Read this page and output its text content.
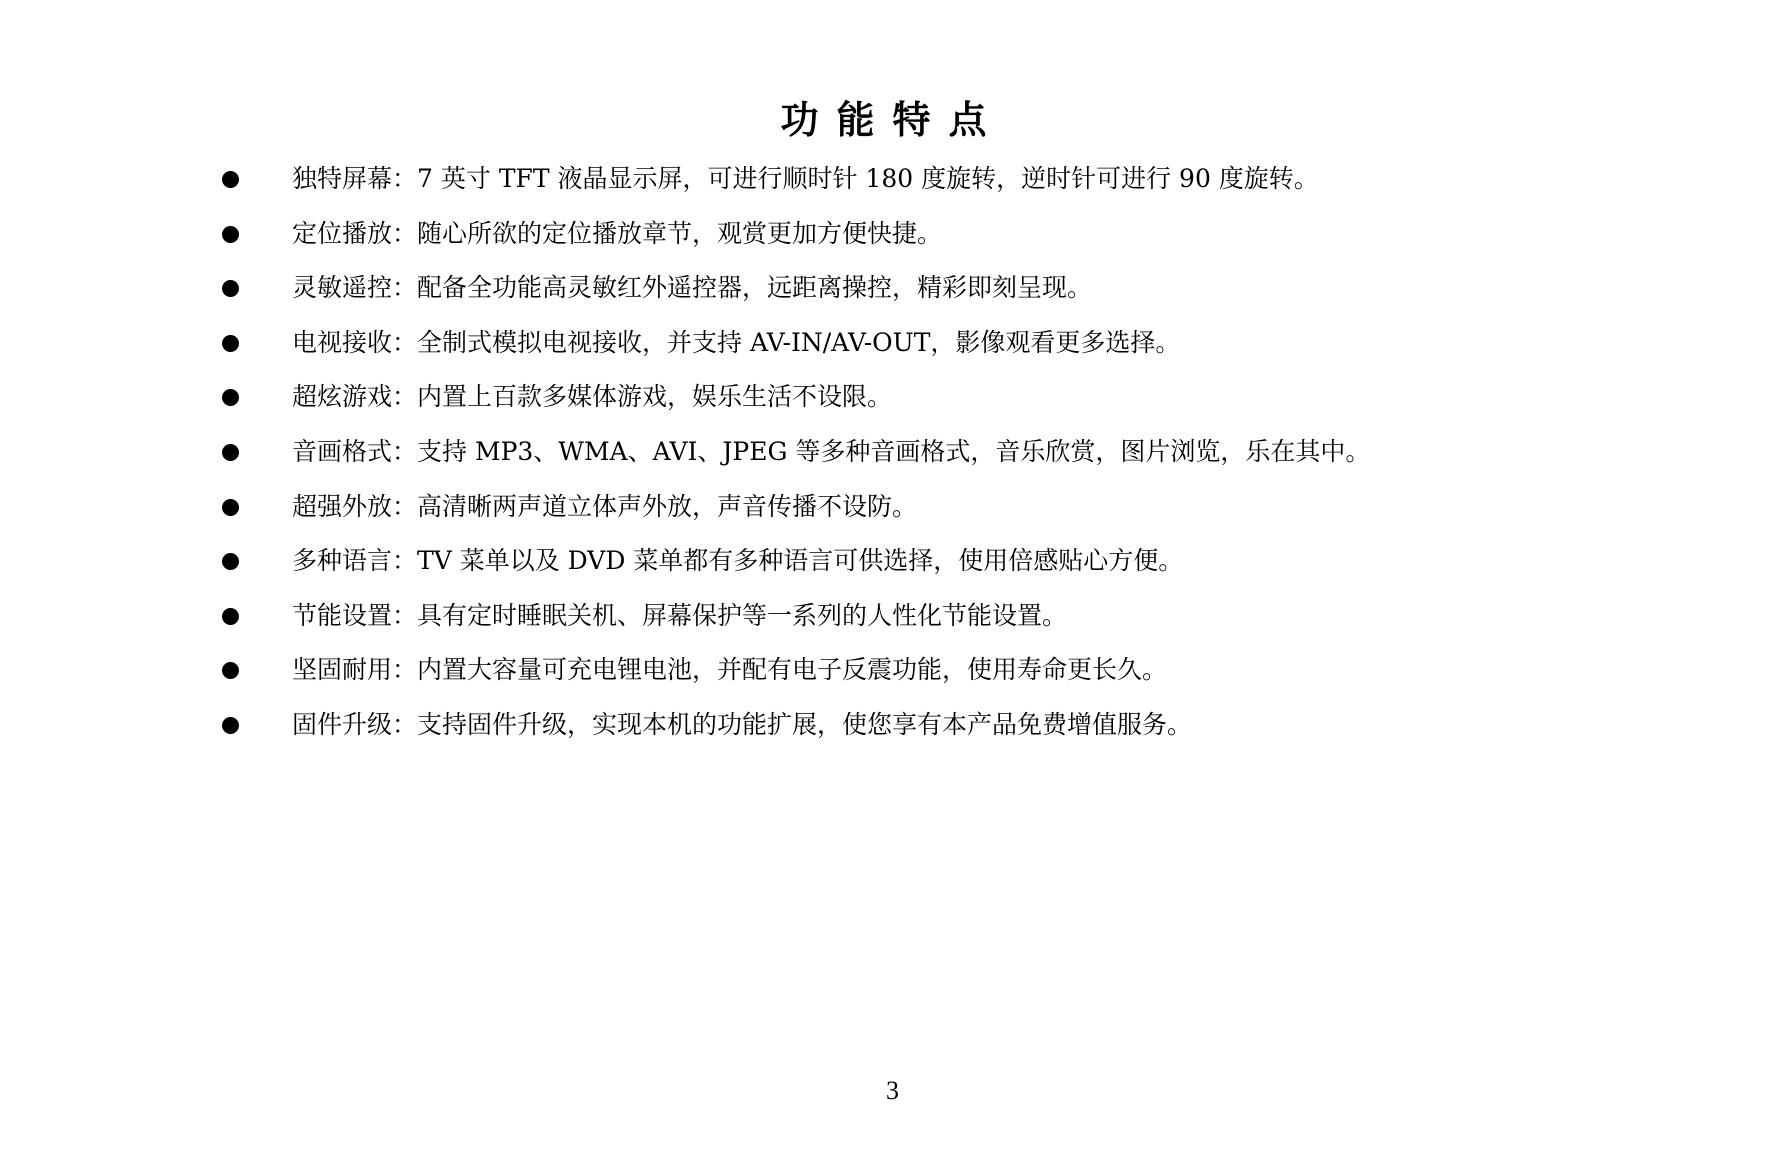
功能特点
独特屏幕：7 英寸 TFT 液晶显示屏，可进行顺时针 180 度旋转，逆时针可进行 90 度旋转。
定位播放：随心所欲的定位播放章节，观赏更加方便快捷。
灵敏遥控：配备全功能高灵敏红外遥控器，远距离操控，精彩即刻呈现。
电视接收：全制式模拟电视接收，并支持 AV-IN/AV-OUT，影像观看更多选择。
超炫游戏：内置上百款多媒体游戏，娱乐生活不设限。
音画格式：支持 MP3、WMA、AVI、JPEG 等多种音画格式，音乐欣赏，图片浏览，乐在其中。
超强外放：高清晰两声道立体声外放，声音传播不设防。
多种语言：TV 菜单以及 DVD 菜单都有多种语言可供选择，使用倍感贴心方便。
节能设置：具有定时睡眠关机、屏幕保护等一系列的人性化节能设置。
坚固耐用：内置大容量可充电锂电池，并配有电子反震功能，使用寿命更长久。
固件升级：支持固件升级，实现本机的功能扩展，使您享有本产品免费增值服务。
3
